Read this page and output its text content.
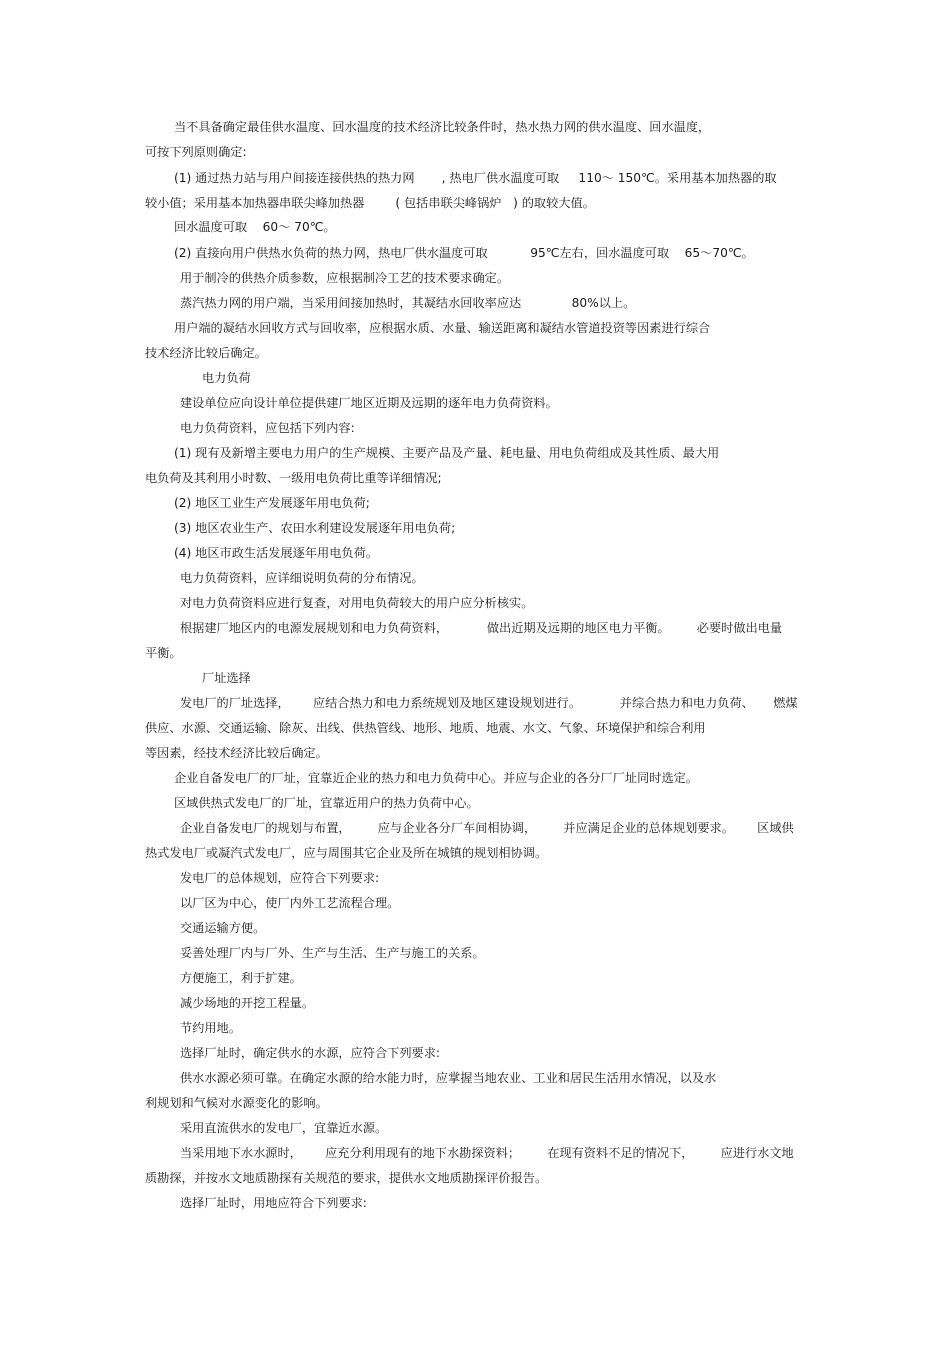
当不具备确定最佳供水温度、回水温度的技术经济比较条件时，热水热力网的供水温度、回水温度，

可按下列原则确定:

(1) 通过热力站与用户间接连接供热的热力网       , 热电厂供水温度可取     110～ 150℃。采用基本加热器的取

较小值；采用基本加热器串联尖峰加热器        ( 包括串联尖峰锅炉   ) 的取较大值。

回水温度可取    60～ 70℃。

(2) 直接向用户供热水负荷的热力网，热电厂供水温度可取           95℃左右，回水温度可取    65～70℃。

用于制冷的供热介质参数，应根据制冷工艺的技术要求确定。

蒸汽热力网的用户端，当采用间接加热时，其凝结水回收率应达             80%以上。

用户端的凝结水回收方式与回收率，应根据水质、水量、输送距离和凝结水管道投资等因素进行综合

技术经济比较后确定。

电力负荷

建设单位应向设计单位提供建厂地区近期及远期的逐年电力负荷资料。

电力负荷资料，应包括下列内容:

(1) 现有及新增主要电力用户的生产规模、主要产品及产量、耗电量、用电负荷组成及其性质、最大用

电负荷及其利用小时数、一级用电负荷比重等详细情况;

(2) 地区工业生产发展逐年用电负荷;

(3) 地区农业生产、农田水利建设发展逐年用电负荷;

(4) 地区市政生活发展逐年用电负荷。

电力负荷资料，应详细说明负荷的分布情况。

对电力负荷资料应进行复查，对用电负荷较大的用户应分析核实。

根据建厂地区内的电源发展规划和电力负荷资料，          做出近期及远期的地区电力平衡。       必要时做出电量

平衡。

厂址选择

发电厂的厂址选择，      应结合热力和电力系统规划及地区建设规划进行。          并综合热力和电力负荷、     燃煤

供应、水源、交通运输、除灰、出线、供热管线、地形、地质、地震、水文、气象、环境保护和综合利用

等因素，经技术经济比较后确定。

企业自备发电厂的厂址，宜靠近企业的热力和电力负荷中心。并应与企业的各分厂厂址同时选定。

区域供热式发电厂的厂址，宜靠近用户的热力负荷中心。

企业自备发电厂的规划与布置，       应与企业各分厂车间相协调，       并应满足企业的总体规划要求。      区域供

热式发电厂或凝汽式发电厂，应与周围其它企业及所在城镇的规划相协调。

发电厂的总体规划，应符合下列要求:

以厂区为中心，使厂内外工艺流程合理。

交通运输方便。

妥善处理厂内与厂外、生产与生活、生产与施工的关系。

方便施工，利于扩建。

减少场地的开挖工程量。

节约用地。

选择厂址时，确定供水的水源，应符合下列要求:

供水水源必须可靠。在确定水源的给水能力时，应掌握当地农业、工业和居民生活用水情况，以及水

利规划和气候对水源变化的影响。

采用直流供水的发电厂，宜靠近水源。

当采用地下水水源时，      应充分利用现有的地下水勘探资料；       在现有资料不足的情况下，       应进行水文地

质勘探，并按水文地质勘探有关规范的要求，提供水文地质勘探评价报告。

选择厂址时，用地应符合下列要求:
